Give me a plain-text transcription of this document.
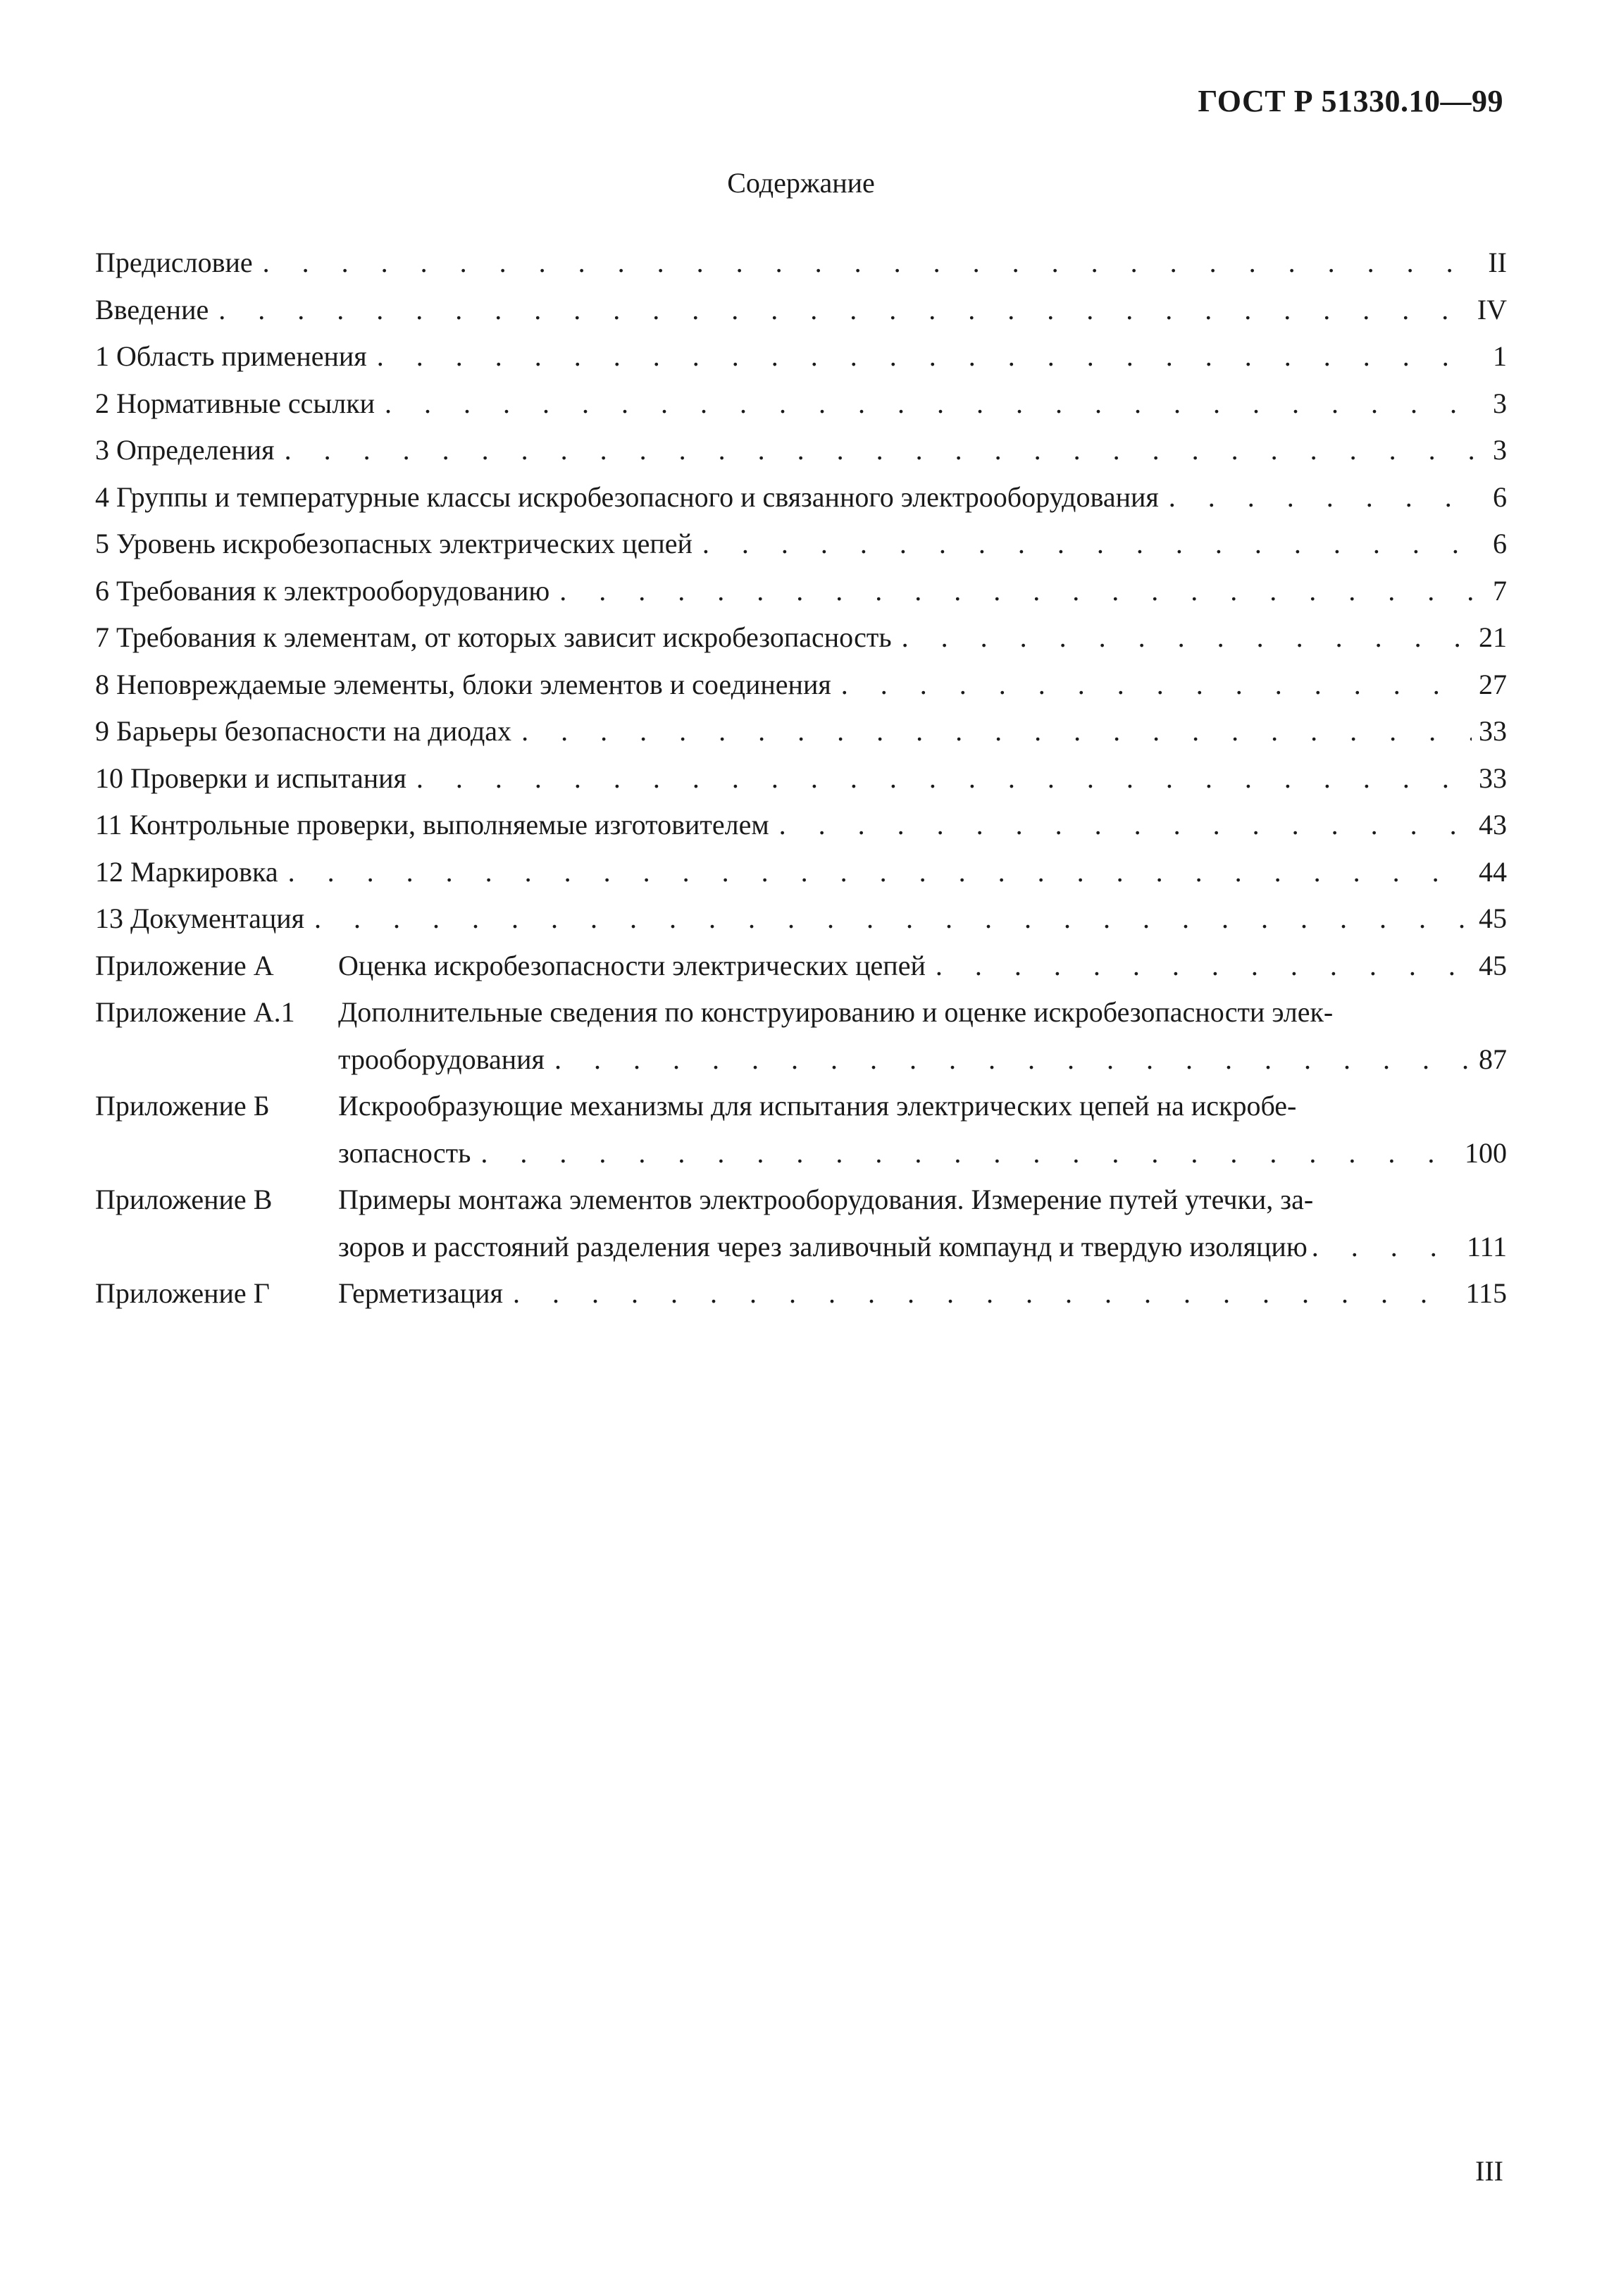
ГОСТ Р 51330.10—99
Содержание
Предисловие . . .	II
Введение . . .	IV
1 Область применения . . .	1
2 Нормативные ссылки . . .	3
3 Определения . . .	3
4 Группы и температурные классы искробезопасного и связанного электрооборудования . . .	6
5 Уровень искробезопасных электрических цепей . . .	6
6 Требования к электрооборудованию . . .	7
7 Требования к элементам, от которых зависит искробезопасность . . .	21
8 Неповреждаемые элементы, блоки элементов и соединения . . .	27
9 Барьеры безопасности на диодах . . .	33
10 Проверки и испытания . . .	33
11 Контрольные проверки, выполняемые изготовителем . . .	43
12 Маркировка . . .	44
13 Документация . . .	45
Приложение А	Оценка искробезопасности электрических цепей . . .	45
Приложение А.1	Дополнительные сведения по конструированию и оценке искробезопасности элек-
трооборудования . . .	87
Приложение Б	Искрообразующие механизмы для испытания электрических цепей на искробе-
зопасность . . .	100
Приложение В	Примеры монтажа элементов электрооборудования. Измерение путей утечки, за-
зоров и расстояний разделения через заливочный компаунд и твердую изоляцию . . .	111
Приложение Г	Герметизация . . .	115
III
